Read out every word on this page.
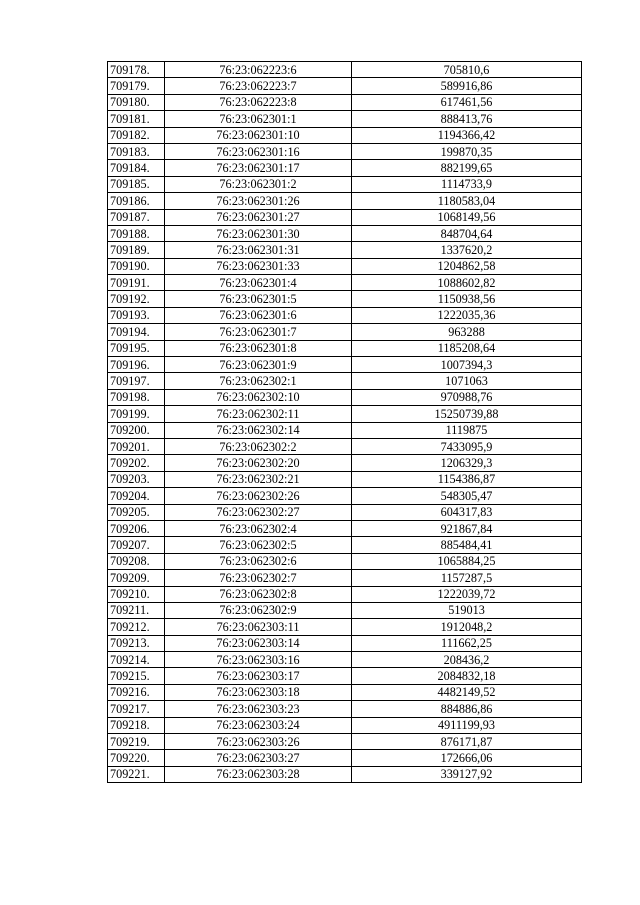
709178.	76:23:062223:6	705810,6
709179.	76:23:062223:7	589916,86
709180.	76:23:062223:8	617461,56
709181.	76:23:062301:1	888413,76
709182.	76:23:062301:10	1194366,42
709183.	76:23:062301:16	199870,35
709184.	76:23:062301:17	882199,65
709185.	76:23:062301:2	1114733,9
709186.	76:23:062301:26	1180583,04
709187.	76:23:062301:27	1068149,56
709188.	76:23:062301:30	848704,64
709189.	76:23:062301:31	1337620,2
709190.	76:23:062301:33	1204862,58
709191.	76:23:062301:4	1088602,82
709192.	76:23:062301:5	1150938,56
709193.	76:23:062301:6	1222035,36
709194.	76:23:062301:7	963288
709195.	76:23:062301:8	1185208,64
709196.	76:23:062301:9	1007394,3
709197.	76:23:062302:1	1071063
709198.	76:23:062302:10	970988,76
709199.	76:23:062302:11	15250739,88
709200.	76:23:062302:14	1119875
709201.	76:23:062302:2	7433095,9
709202.	76:23:062302:20	1206329,3
709203.	76:23:062302:21	1154386,87
709204.	76:23:062302:26	548305,47
709205.	76:23:062302:27	604317,83
709206.	76:23:062302:4	921867,84
709207.	76:23:062302:5	885484,41
709208.	76:23:062302:6	1065884,25
709209.	76:23:062302:7	1157287,5
709210.	76:23:062302:8	1222039,72
709211.	76:23:062302:9	519013
709212.	76:23:062303:11	1912048,2
709213.	76:23:062303:14	111662,25
709214.	76:23:062303:16	208436,2
709215.	76:23:062303:17	2084832,18
709216.	76:23:062303:18	4482149,52
709217.	76:23:062303:23	884886,86
709218.	76:23:062303:24	4911199,93
709219.	76:23:062303:26	876171,87
709220.	76:23:062303:27	172666,06
709221.	76:23:062303:28	339127,92
